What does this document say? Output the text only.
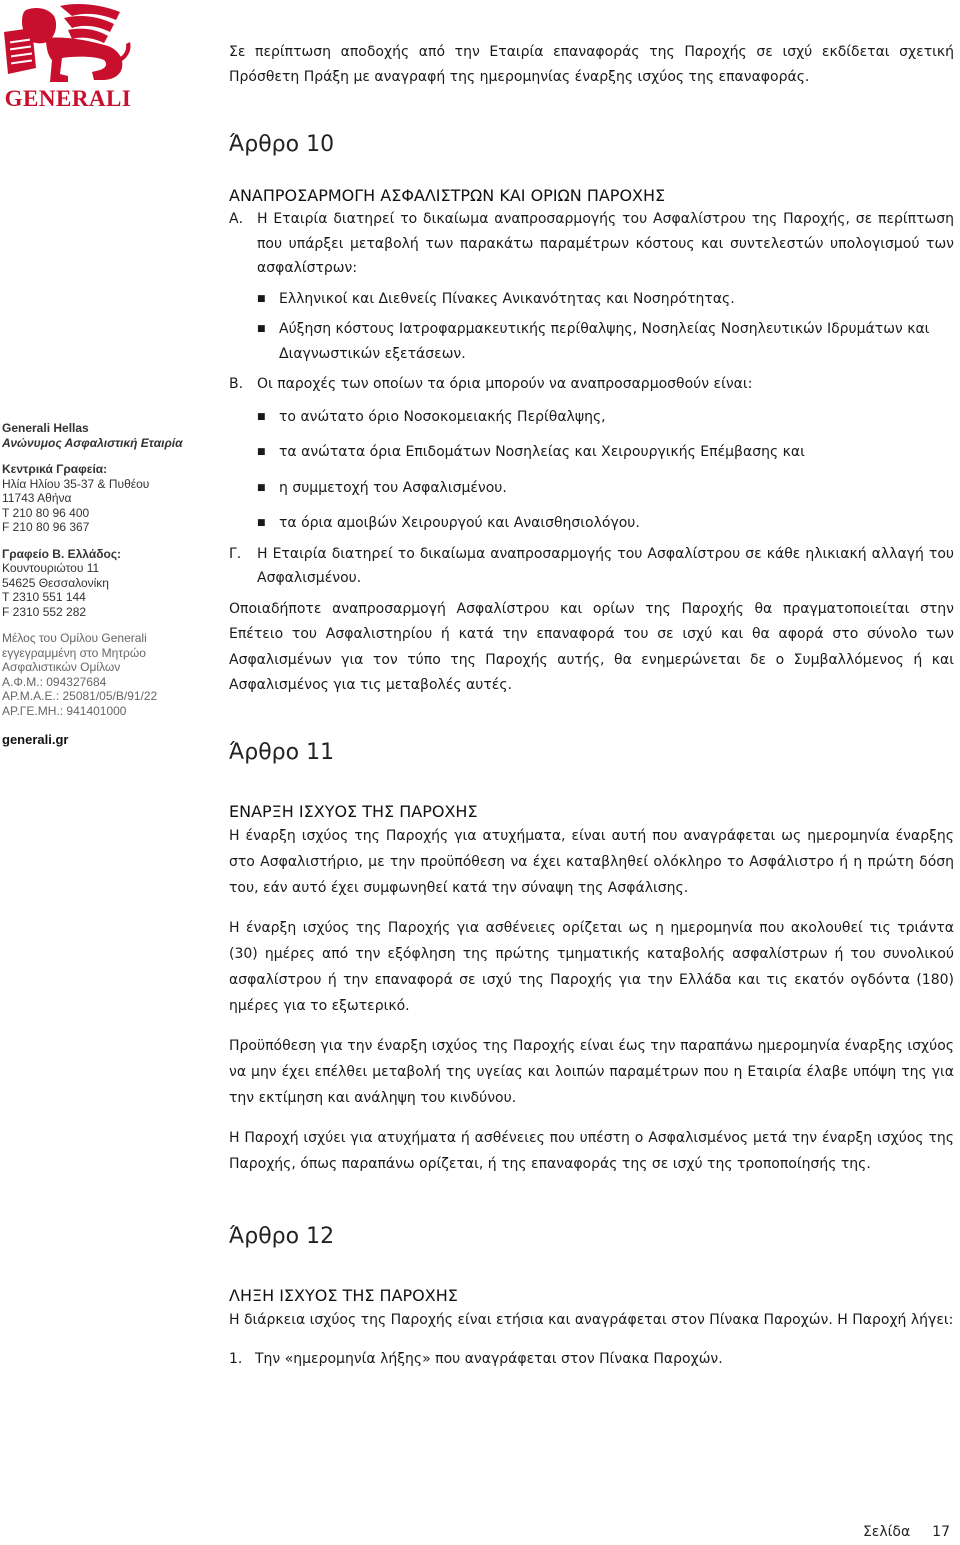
GENERALI
Generali Hellas
Ανώνυμος Ασφαλιστική Εταιρία
Κεντρικά Γραφεία:
Ηλία Ηλίου 35-37 & Πυθέου
11743 Αθήνα
T 210 80 96 400
F 210 80 96 367
Γραφείο Β. Ελλάδος:
Κουντουριώτου 11
54625 Θεσσαλονίκη
T 2310 551 144
F 2310 552 282
Μέλος του Ομίλου Generali
εγγεγραμμένη στο Μητρώο
Ασφαλιστικών Ομίλων
Α.Φ.Μ.: 094327684
ΑΡ.Μ.Α.Ε.: 25081/05/Β/91/22
ΑΡ.ΓΕ.ΜΗ.: 941401000
generali.gr

Σε περίπτωση αποδοχής από την Εταιρία επαναφοράς της Παροχής σε ισχύ εκδίδεται σχετική Πρόσθετη Πράξη με αναγραφή της ημερομηνίας έναρξης ισχύος της επαναφοράς.

Άρθρο 10
ΑΝΑΠΡΟΣΑΡΜΟΓΗ ΑΣΦΑΛΙΣΤΡΩΝ ΚΑΙ ΟΡΙΩΝ ΠΑΡΟΧΗΣ
Α. Η Εταιρία διατηρεί το δικαίωμα αναπροσαρμογής του Ασφαλίστρου της Παροχής, σε περίπτωση που υπάρξει μεταβολή των παρακάτω παραμέτρων κόστους και συντελεστών υπολογισμού των ασφαλίστρων:
■ Ελληνικοί και Διεθνείς Πίνακες Ανικανότητας και Νοσηρότητας.
■ Αύξηση κόστους Ιατροφαρμακευτικής περίθαλψης, Νοσηλείας Νοσηλευτικών Ιδρυμάτων και Διαγνωστικών εξετάσεων.
Β. Οι παροχές των οποίων τα όρια μπορούν να αναπροσαρμοσθούν είναι:
■ το ανώτατο όριο Νοσοκομειακής Περίθαλψης,
■ τα ανώτατα όρια Επιδομάτων Νοσηλείας και Χειρουργικής Επέμβασης και
■ η συμμετοχή του Ασφαλισμένου.
■ τα όρια αμοιβών Χειρουργού και Αναισθησιολόγου.
Γ.	Η Εταιρία διατηρεί το δικαίωμα αναπροσαρμογής του Ασφαλίστρου σε κάθε ηλικιακή αλλαγή του Ασφαλισμένου.

Οποιαδήποτε αναπροσαρμογή Ασφαλίστρου και ορίων της Παροχής θα πραγματοποιείται στην Επέτειο του Ασφαλιστηρίου ή κατά την επαναφορά του σε ισχύ και θα αφορά στο σύνολο των Ασφαλισμένων για τον τύπο της Παροχής αυτής, θα ενημερώνεται δε ο Συμβαλλόμενος ή και Ασφαλισμένος για τις μεταβολές αυτές.

Άρθρο 11
ΕΝΑΡΞΗ ΙΣΧΥΟΣ ΤΗΣ ΠΑΡΟΧΗΣ

Η έναρξη ισχύος της Παροχής για ατυχήματα, είναι αυτή που αναγράφεται ως ημερομηνία έναρξης στο Ασφαλιστήριο, με την προϋπόθεση να έχει καταβληθεί ολόκληρο το Ασφάλιστρο ή η πρώτη δόση του, εάν αυτό έχει συμφωνηθεί κατά την σύναψη της Ασφάλισης.

Η έναρξη ισχύος της Παροχής για ασθένειες ορίζεται ως η ημερομηνία που ακολουθεί τις τριάντα (30) ημέρες από την εξόφληση της πρώτης τμηματικής καταβολής ασφαλίστρων ή του συνολικού ασφαλίστρου ή την επαναφορά σε ισχύ της Παροχής για την Ελλάδα και τις εκατόν ογδόντα (180) ημέρες για το εξωτερικό.

Προϋπόθεση για την έναρξη ισχύος της Παροχής είναι έως την παραπάνω ημερομηνία έναρξης ισχύος να μην έχει επέλθει μεταβολή της υγείας και λοιπών παραμέτρων που η Εταιρία έλαβε υπόψη της για την εκτίμηση και ανάληψη του κινδύνου.

Η Παροχή ισχύει για ατυχήματα ή ασθένειες που υπέστη ο Ασφαλισμένος μετά την έναρξη ισχύος της Παροχής, όπως παραπάνω ορίζεται, ή της επαναφοράς της σε ισχύ της τροποποίησής της.

Άρθρο 12
ΛΗΞΗ ΙΣΧΥΟΣ ΤΗΣ ΠΑΡΟΧΗΣ

Η διάρκεια ισχύος της Παροχής είναι ετήσια και αναγράφεται στον Πίνακα Παροχών. Η Παροχή λήγει:

1. Την «ημερομηνία λήξης» που αναγράφεται στον Πίνακα Παροχών.
Σελίδα 17
